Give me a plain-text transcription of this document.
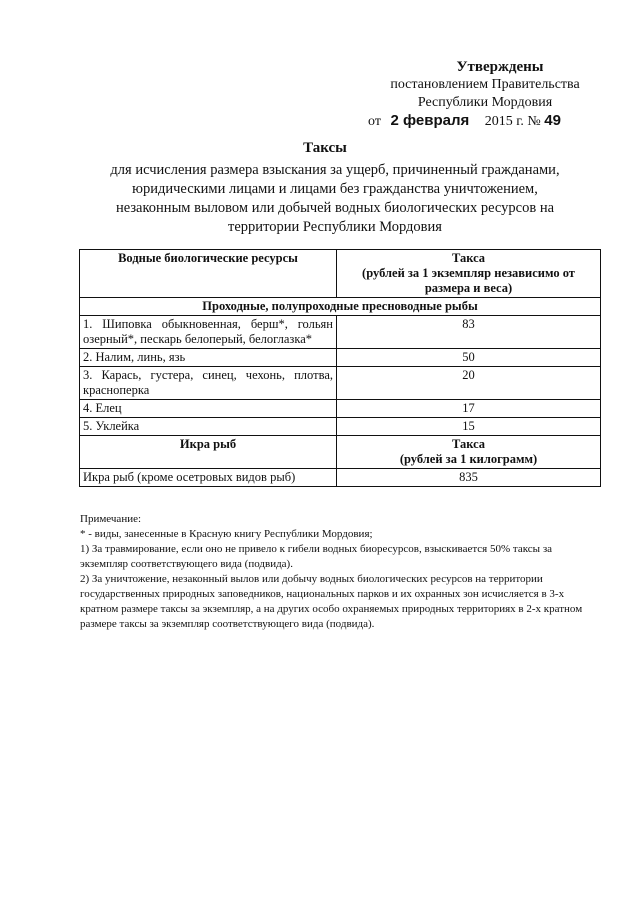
Утверждены
постановлением Правительства
Республики Мордовия
от 2 февраля 2015 г. № 49
Таксы
для исчисления размера взыскания за ущерб, причиненный гражданами,
юридическими лицами и лицами без гражданства уничтожением,
незаконным выловом или добычей водных биологических ресурсов на
территории Республики Мордовия
Водные биологические ресурсы	Такса
(рублей за 1 экземпляр независимо от
размера и веса)

Проходные, полупроходные пресноводные рыбы	
1. Шиповка обыкновенная, берш*, гольян озерный*, пескарь белоперый, белоглазка*	83
2. Налим, линь, язь	50
3. Карась, густера, синец, чехонь, плотва, красноперка	20
4. Елец	17
5. Уклейка	15
Икра рыб	Такса
(рублей за 1 килограмм)

Икра рыб (кроме осетровых видов рыб)	835

Примечание:

* - виды, занесенные в Красную книгу Республики Мордовия;

1) За травмирование, если оно не привело к гибели водных биоресурсов, взыскивается 50% таксы за экземпляр соответствующего вида (подвида).

2) За уничтожение, незаконный вылов или добычу водных биологических ресурсов на территории государственных природных заповедников, национальных парков и их охранных зон исчисляется в 3-х кратном размере таксы за экземпляр, а на других особо охраняемых природных территориях в 2-х кратном размере таксы за экземпляр соответствующего вида (подвида).
